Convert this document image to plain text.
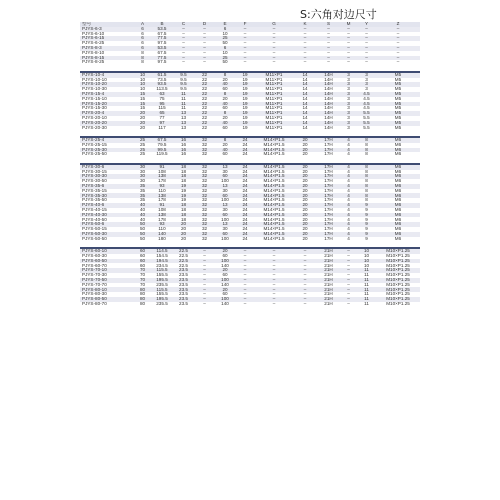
S:六角对边尺寸
型号	A	B	C	D	E	F	G	K	S	M	Y	Z
PJYS-6-3	6	53.5	–	–	6	–	–	–	–	–	–	–
PJYS-6-10	6	67.5	–	–	10	–	–	–	–	–	–	–
PJYS-6-15	6	77.5	–	–	25	–	–	–	–	–	–	–
PJYS-6-25	6	97.5	–	–	50	–	–	–	–	–	–	–
PJYS-8-3	6	53.5	–	–	6	–	–	–	–	–	–	–
PJYS-8-10	8	67.5	–	–	10	–	–	–	–	–	–	–
PJYS-8-15	8	77.5	–	–	25	–	–	–	–	–	–	–
PJYS-8-25	8	97.5	–	–	50	–	–	–	–	–	–	–

PJYS-10-4	10	61.5	9.5	22	8	19	M11×P1	14	14H	3	3	M5
PJYS-10-10	10	73.5	9.5	22	20	19	M11×P1	14	14H	3	3	M5
PJYS-10-20	10	93.5	9.5	22	40	19	M11×P1	14	14H	3	3	M5
PJYS-10-30	10	113.5	9.5	22	60	19	M11×P1	14	14H	3	3	M5
PJYS-15-4	15	63	11	22	8	19	M11×P1	14	14H	3	4.5	M5
PJYS-15-10	15	75	11	22	20	19	M11×P1	14	14H	3	4.5	M5
PJYS-15-20	15	95	11	22	40	19	M11×P1	14	14H	3	4.5	M5
PJYS-15-30	15	115	11	22	60	19	M11×P1	14	14H	3	4.5	M5
PJYS-20-4	20	65	13	22	8	19	M11×P1	14	14H	3	5.5	M5
PJYS-20-10	20	77	13	22	20	19	M11×P1	14	14H	3	5.5	M5
PJYS-20-20	20	97	13	22	40	19	M11×P1	14	14H	3	5.5	M5
PJYS-20-30	20	117	13	22	60	19	M11×P1	14	14H	3	5.5	M5

PJYS-25-4	25	67.5	16	32	8	24	M14×P1.5	20	17H	4	8	M6
PJYS-25-15	25	79.5	16	32	20	24	M14×P1.5	20	17H	4	8	M6
PJYS-25-30	25	99.5	16	32	40	24	M14×P1.5	20	17H	4	8	M6
PJYS-25-50	25	119.5	16	32	60	24	M14×P1.5	20	17H	4	8	M6

PJYS-30-6	30	91	18	32	13	24	M14×P1.5	20	17H	4	8	M6
PJYS-30-15	30	108	18	32	30	24	M14×P1.5	20	17H	4	8	M6
PJYS-30-30	30	138	18	32	60	24	M14×P1.5	20	17H	4	8	M6
PJYS-30-50	30	178	18	32	100	24	M14×P1.5	20	17H	4	8	M6
PJYS-35-6	35	93	19	32	13	24	M14×P1.5	20	17H	4	8	M6
PJYS-35-15	35	110	19	32	30	24	M14×P1.5	20	17H	4	8	M6
PJYS-35-30	35	138	19	32	60	24	M14×P1.5	20	17H	4	8	M6
PJYS-35-50	35	178	19	32	100	24	M14×P1.5	20	17H	4	8	M6
PJYS-40-6	40	91	18	32	13	24	M14×P1.5	20	17H	4	9	M6
PJYS-40-15	40	108	18	32	30	24	M14×P1.5	20	17H	4	9	M6
PJYS-40-30	40	138	18	32	60	24	M14×P1.5	20	17H	4	9	M6
PJYS-40-50	40	178	18	32	100	24	M14×P1.5	20	17H	4	9	M6
PJYS-50-6	50	93	20	32	13	24	M14×P1.5	20	17H	4	9	M6
PJYS-50-15	50	110	20	32	30	24	M14×P1.5	20	17H	4	9	M6
PJYS-50-30	50	140	20	32	60	24	M14×P1.5	20	17H	4	9	M6
PJYS-50-50	50	180	20	32	100	24	M14×P1.5	20	17H	4	9	M6

PJYS-60-10	60	114.5	22.5	–	20	–	–	–	21H	–	10	M10×P1.25
PJYS-60-30	60	154.5	22.5	–	60	–	–	–	21H	–	10	M10×P1.25
PJYS-60-50	60	194.5	22.5	–	100	–	–	–	21H	–	10	M10×P1.25
PJYS-60-70	60	234.5	22.5	–	140	–	–	–	21H	–	10	M10×P1.25
PJYS-70-10	70	115.5	23.5	–	20	–	–	–	21H	–	11	M10×P1.25
PJYS-70-30	70	155.5	23.5	–	60	–	–	–	21H	–	11	M10×P1.25
PJYS-70-50	70	195.5	23.5	–	100	–	–	–	21H	–	11	M10×P1.25
PJYS-70-70	70	235.5	23.5	–	140	–	–	–	21H	–	11	M10×P1.25
PJYS-80-10	80	115.5	23.5	–	20	–	–	–	21H	–	11	M10×P1.25
PJYS-80-30	80	155.5	23.5	–	60	–	–	–	21H	–	11	M10×P1.25
PJYS-80-50	80	195.5	23.5	–	100	–	–	–	21H	–	11	M10×P1.25
PJYS-80-70	80	235.5	23.5	–	140	–	–	–	21H	–	11	M10×P1.25
